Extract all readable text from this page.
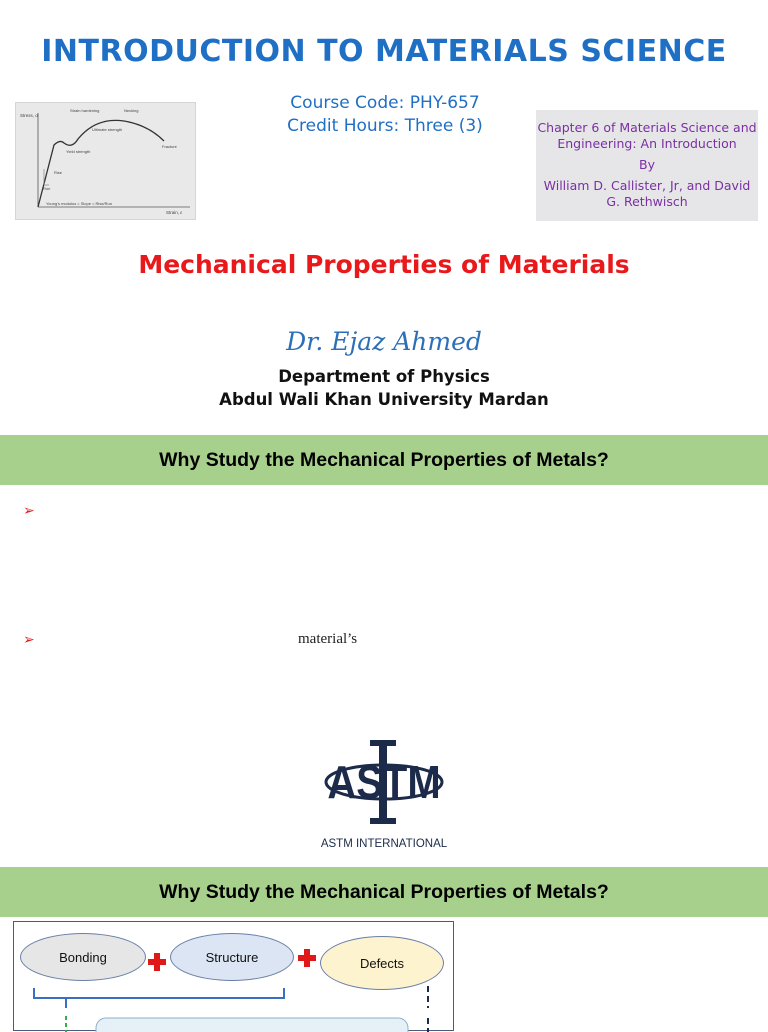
INTRODUCTION TO MATERIALS SCIENCE
Stress, σ
Strain, ε
Strain hardening	Necking
Ultimate strength
Fracture
Yield strength
Rise
Run
Young's modulus = Slope = Rise/Run
Course Code: PHY-657
Credit Hours: Three (3)	Chapter 6 of Materials Science and Engineering: An Introduction

By

William D. Callister, Jr, and David G. Rethwisch

Mechanical Properties of Materials
Dr. Ejaz Ahmed
Department of Physics
Abdul Wali Khan University Mardan
Why Study the Mechanical Properties of Metals?
➢
➢	material’s
ASTM
ASTM INTERNATIONAL
Why Study the Mechanical Properties of Metals?
Bonding	Structure	Defects
